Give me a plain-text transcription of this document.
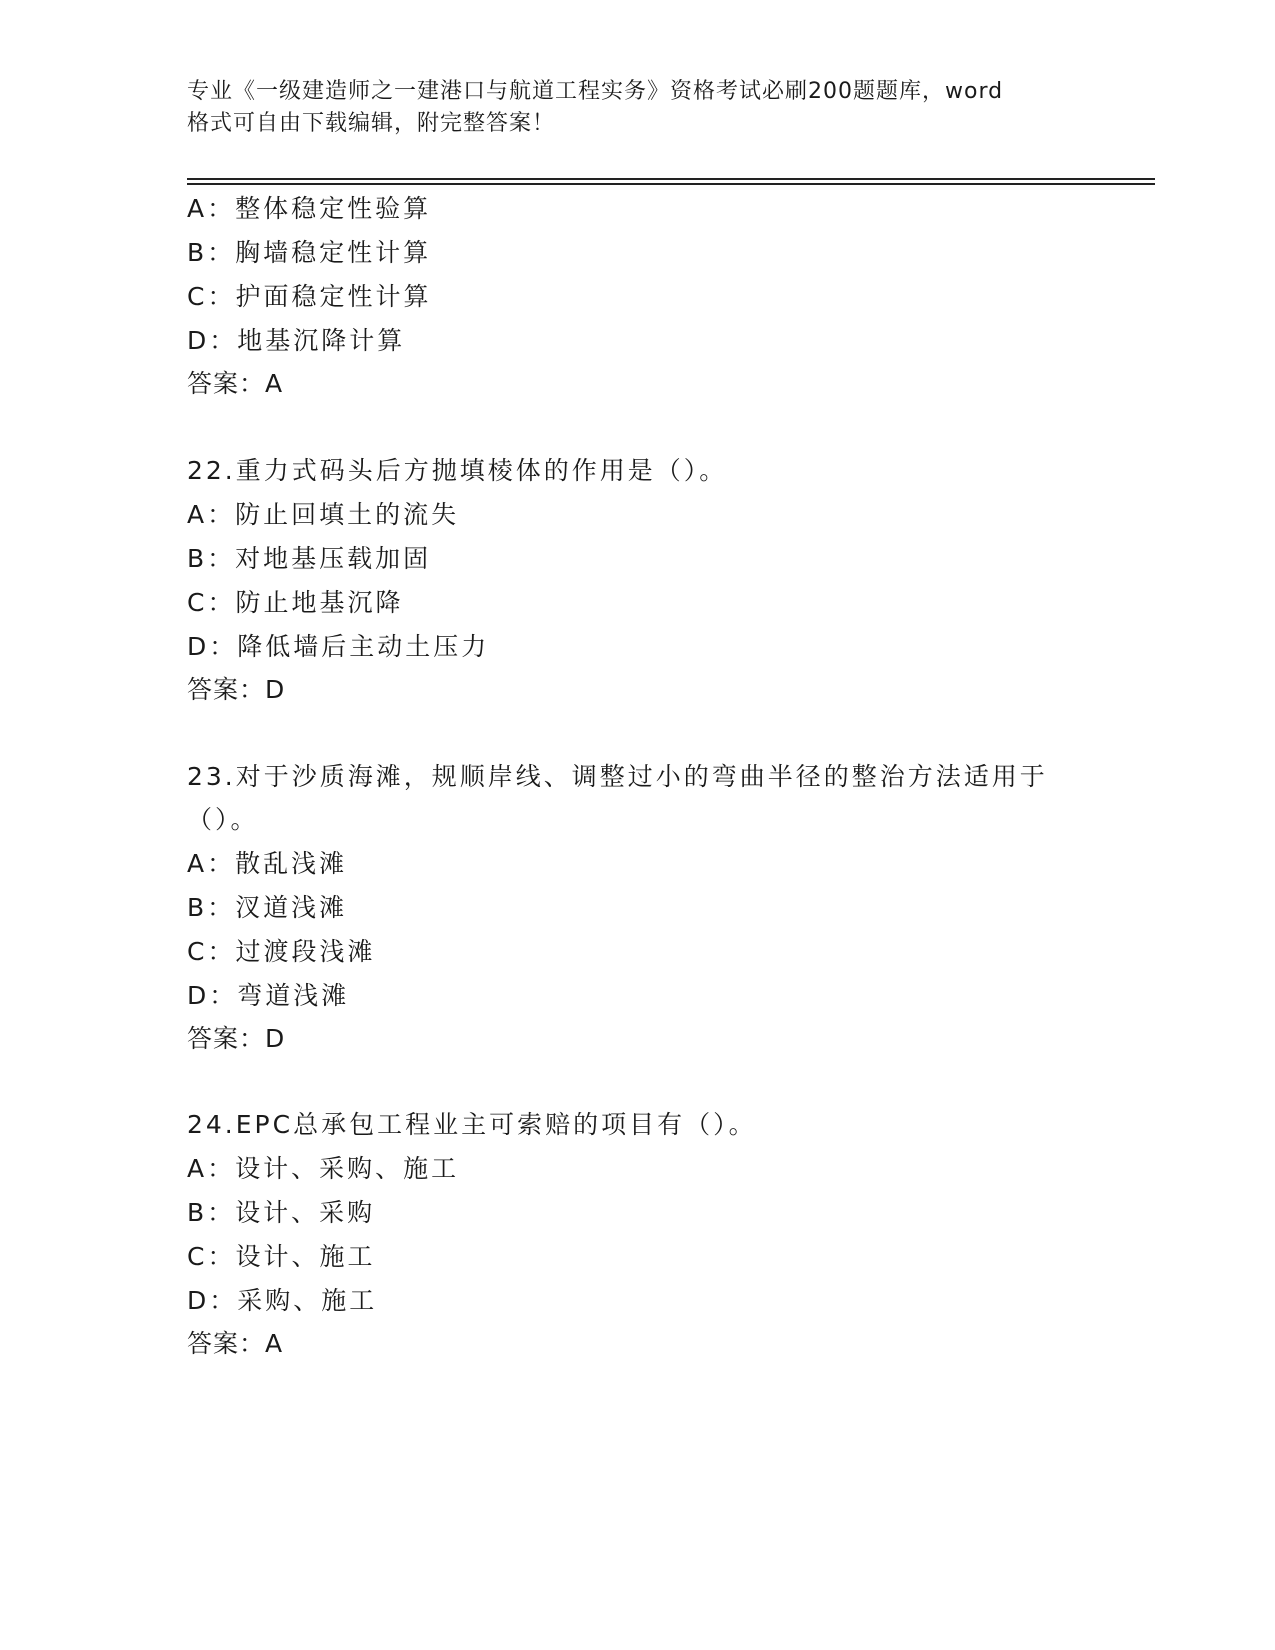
专业《一级建造师之一建港口与航道工程实务》资格考试必刷200题题库，word
格式可自由下载编辑，附完整答案！
A：整体稳定性验算
B：胸墙稳定性计算
C：护面稳定性计算
D：地基沉降计算
答案：A
22.重力式码头后方抛填棱体的作用是（）。
A：防止回填土的流失
B：对地基压载加固
C：防止地基沉降
D：降低墙后主动土压力
答案：D
23.对于沙质海滩，规顺岸线、调整过小的弯曲半径的整治方法适用于
（）。
A：散乱浅滩
B：汊道浅滩
C：过渡段浅滩
D：弯道浅滩
答案：D
24.EPC总承包工程业主可索赔的项目有（）。
A：设计、采购、施工
B：设计、采购
C：设计、施工
D：采购、施工
答案：A
